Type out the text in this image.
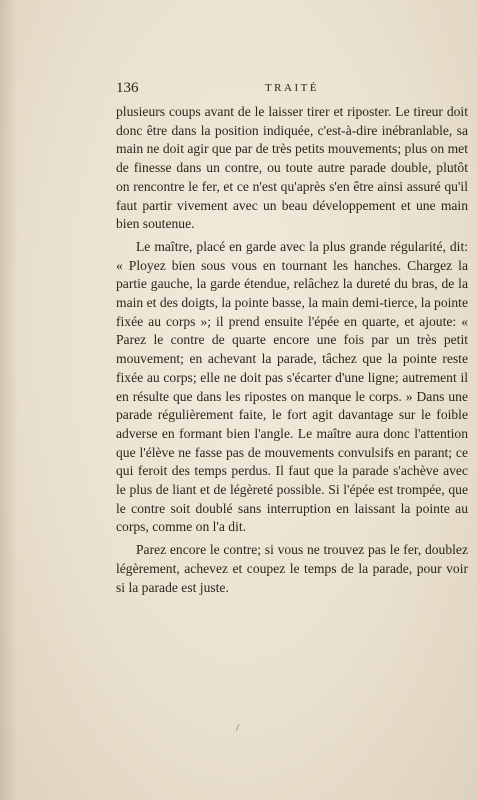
136	TRAITÉ

plusieurs coups avant de le laisser tirer et riposter. Le tireur doit donc être dans la position indiquée, c'est-à-dire inébranlable, sa main ne doit agir que par de très petits mouvements; plus on met de finesse dans un contre, ou toute autre parade double, plutôt on rencontre le fer, et ce n'est qu'après s'en être ainsi assuré qu'il faut partir vivement avec un beau développement et une main bien soutenue.

Le maître, placé en garde avec la plus grande régularité, dit: « Ployez bien sous vous en tournant les hanches. Chargez la partie gauche, la garde étendue, relâchez la dureté du bras, de la main et des doigts, la pointe basse, la main demi-tierce, la pointe fixée au corps »; il prend ensuite l'épée en quarte, et ajoute: « Parez le contre de quarte encore une fois par un très petit mouvement; en achevant la parade, tâchez que la pointe reste fixée au corps; elle ne doit pas s'écarter d'une ligne; autrement il en résulte que dans les ripostes on manque le corps. » Dans une parade régulièrement faite, le fort agit davantage sur le foible adverse en formant bien l'angle. Le maître aura donc l'attention que l'élève ne fasse pas de mouvements convulsifs en parant; ce qui feroit des temps perdus. Il faut que la parade s'achève avec le plus de liant et de légèreté possible. Si l'épée est trompée, que le contre soit doublé sans interruption en laissant la pointe au corps, comme on l'a dit.

Parez encore le contre; si vous ne trouvez pas le fer, doublez légèrement, achevez et coupez le temps de la parade, pour voir si la parade est juste.

/
